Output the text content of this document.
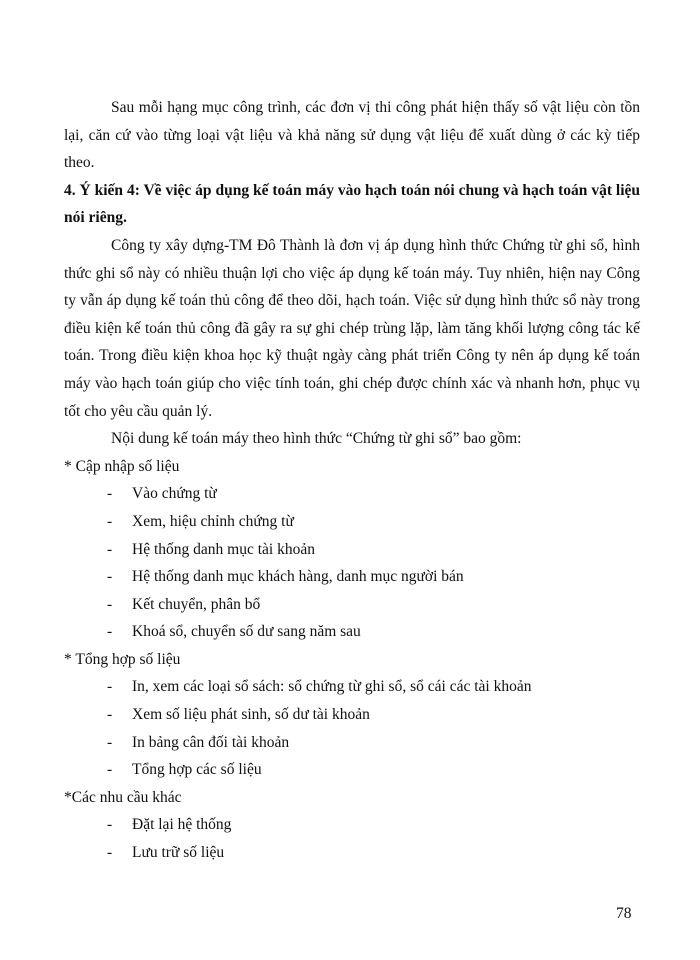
Sau mỗi hạng mục công trình, các đơn vị thi công phát hiện thấy số vật liệu còn tồn lại, căn cứ vào từng loại vật liệu và khả năng sử dụng vật liệu để xuất dùng ở các kỳ tiếp theo.

4. Ý kiến 4: Về việc áp dụng kế toán máy vào hạch toán nói chung và hạch toán vật liệu nói riêng.

Công ty xây dựng-TM Đô Thành là đơn vị áp dụng hình thức Chứng từ ghi sổ, hình thức ghi sổ này có nhiều thuận lợi cho việc áp dụng kế toán máy. Tuy nhiên, hiện nay Công ty vẫn áp dụng kế toán thủ công để theo dõi, hạch toán. Việc sử dụng hình thức sổ này trong điều kiện kế toán thủ công đã gây ra sự ghi chép trùng lặp, làm tăng khối lượng công tác kế toán. Trong điều kiện khoa học kỹ thuật ngày càng phát triển Công ty nên áp dụng kế toán máy vào hạch toán giúp cho việc tính toán, ghi chép được chính xác và nhanh hơn, phục vụ tốt cho yêu cầu quản lý.

Nội dung kế toán máy theo hình thức “Chứng từ ghi sổ” bao gồm:

* Cập nhập số liệu

- Vào chứng từ
- Xem, hiệu chỉnh chứng từ
- Hệ thống danh mục tài khoản
- Hệ thống danh mục khách hàng, danh mục người bán
- Kết chuyển, phân bổ
- Khoá sổ, chuyển số dư sang năm sau

* Tổng hợp số liệu

- In, xem các loại sổ sách: sổ chứng từ ghi sổ, sổ cái các tài khoản
- Xem số liệu phát sinh, số dư tài khoản
- In bảng cân đối tài khoản
- Tổng hợp các số liệu

*Các nhu cầu khác

- Đặt lại hệ thống
- Lưu trữ số liệu
78
